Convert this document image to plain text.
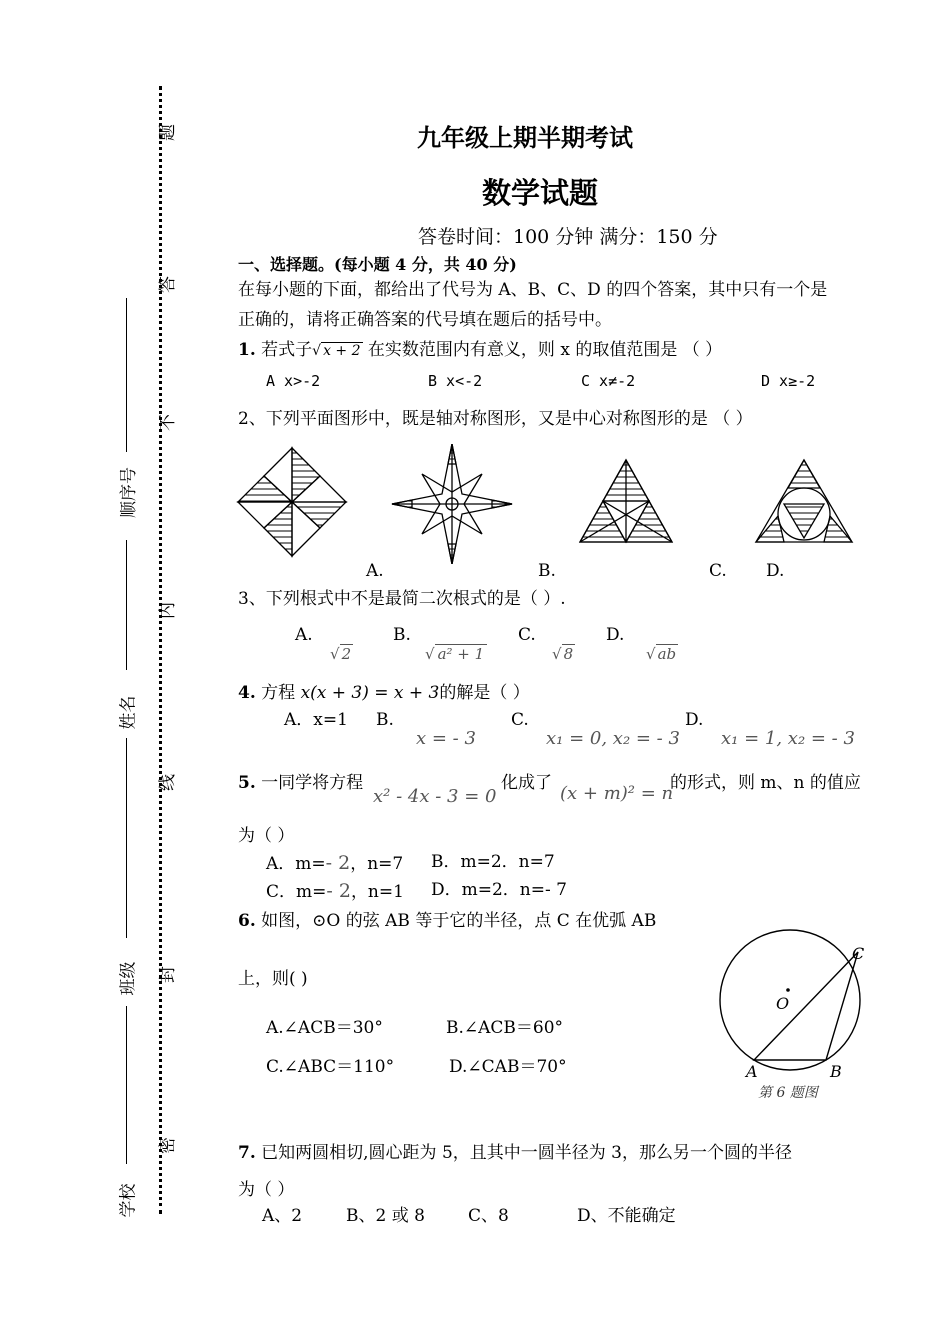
题
答
不
内
线
封
密
顺序号
姓名
班级
学校
九年级上期半期考试
数学试题
答卷时间：100 分钟 满分：150 分
一、选择题。(每小题 4 分，共 40 分)
在每小题的下面，都给出了代号为 A、B、C、D 的四个答案，其中只有一个是
正确的，请将正确答案的代号填在题后的括号中。
1. 若式子√ x + 2 在实数范围内有意义，则 x 的取值范围是 （ ）
A x>-2	B x<-2	C x≠-2	D x≥-2
2、下列平面图形中，既是轴对称图形，又是中心对称图形的是 （ ）
A.	B.	C. D.
3、下列根式中不是最简二次根式的是（ ）.
A.	B.	C.	D.
√ 2	√ a² + 1	√ 8	√ ab
4. 方程 x(x + 3) = x + 3的解是（ ）
A．x=1 B.
x = - 3
C.
x₁ = 0, x₂ = - 3
D.
x₁ = 1, x₂ = - 3
5. 一同学将方程
x² - 4x - 3 = 0
化成了 (x + m)² = n
的形式，则 m、n 的值应
为（ ）
A．m=- 2，n=7 B．m=2．n=7
C．m=- 2，n=1 D．m=2．n=- 7
6. 如图，⊙O 的弦 AB 等于它的半径，点 C 在优弧 AB
上，则( )
A.∠ACB＝30°	B.∠ACB＝60°
C.∠ABC＝110°	D.∠CAB＝70°
C
O
A	B
第 6 题图
7. 已知两圆相切,圆心距为 5，且其中一圆半径为 3，那么另一个圆的半径
为（ ）
A、2	B、2 或 8	C、8	D、不能确定
